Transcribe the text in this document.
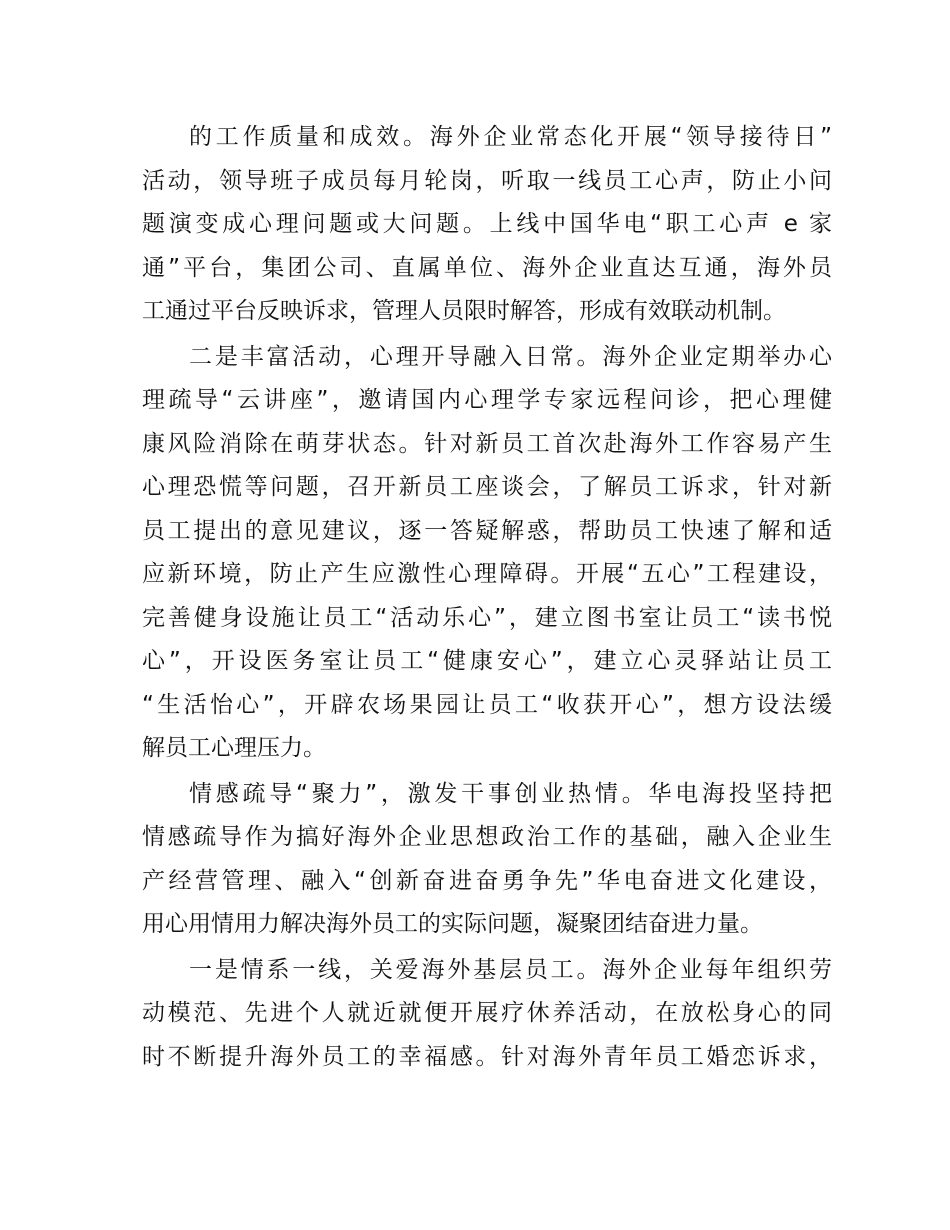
的工作质量和成效。海外企业常态化开展“领导接待日”
活动，领导班子成员每月轮岗，听取一线员工心声，防止小问
题演变成心理问题或大问题。上线中国华电“职工心声 e 家
通”平台，集团公司、直属单位、海外企业直达互通，海外员
工通过平台反映诉求，管理人员限时解答，形成有效联动机制。
二是丰富活动，心理开导融入日常。海外企业定期举办心
理疏导“云讲座”，邀请国内心理学专家远程问诊，把心理健
康风险消除在萌芽状态。针对新员工首次赴海外工作容易产生
心理恐慌等问题，召开新员工座谈会，了解员工诉求，针对新
员工提出的意见建议，逐一答疑解惑，帮助员工快速了解和适
应新环境，防止产生应激性心理障碍。开展“五心”工程建设，
完善健身设施让员工“活动乐心”，建立图书室让员工“读书悦
心”，开设医务室让员工“健康安心”，建立心灵驿站让员工
“生活怡心”，开辟农场果园让员工“收获开心”，想方设法缓
解员工心理压力。
情感疏导“聚力”，激发干事创业热情。华电海投坚持把
情感疏导作为搞好海外企业思想政治工作的基础，融入企业生
产经营管理、融入“创新奋进奋勇争先”华电奋进文化建设，
用心用情用力解决海外员工的实际问题，凝聚团结奋进力量。
一是情系一线，关爱海外基层员工。海外企业每年组织劳
动模范、先进个人就近就便开展疗休养活动，在放松身心的同
时不断提升海外员工的幸福感。针对海外青年员工婚恋诉求，
